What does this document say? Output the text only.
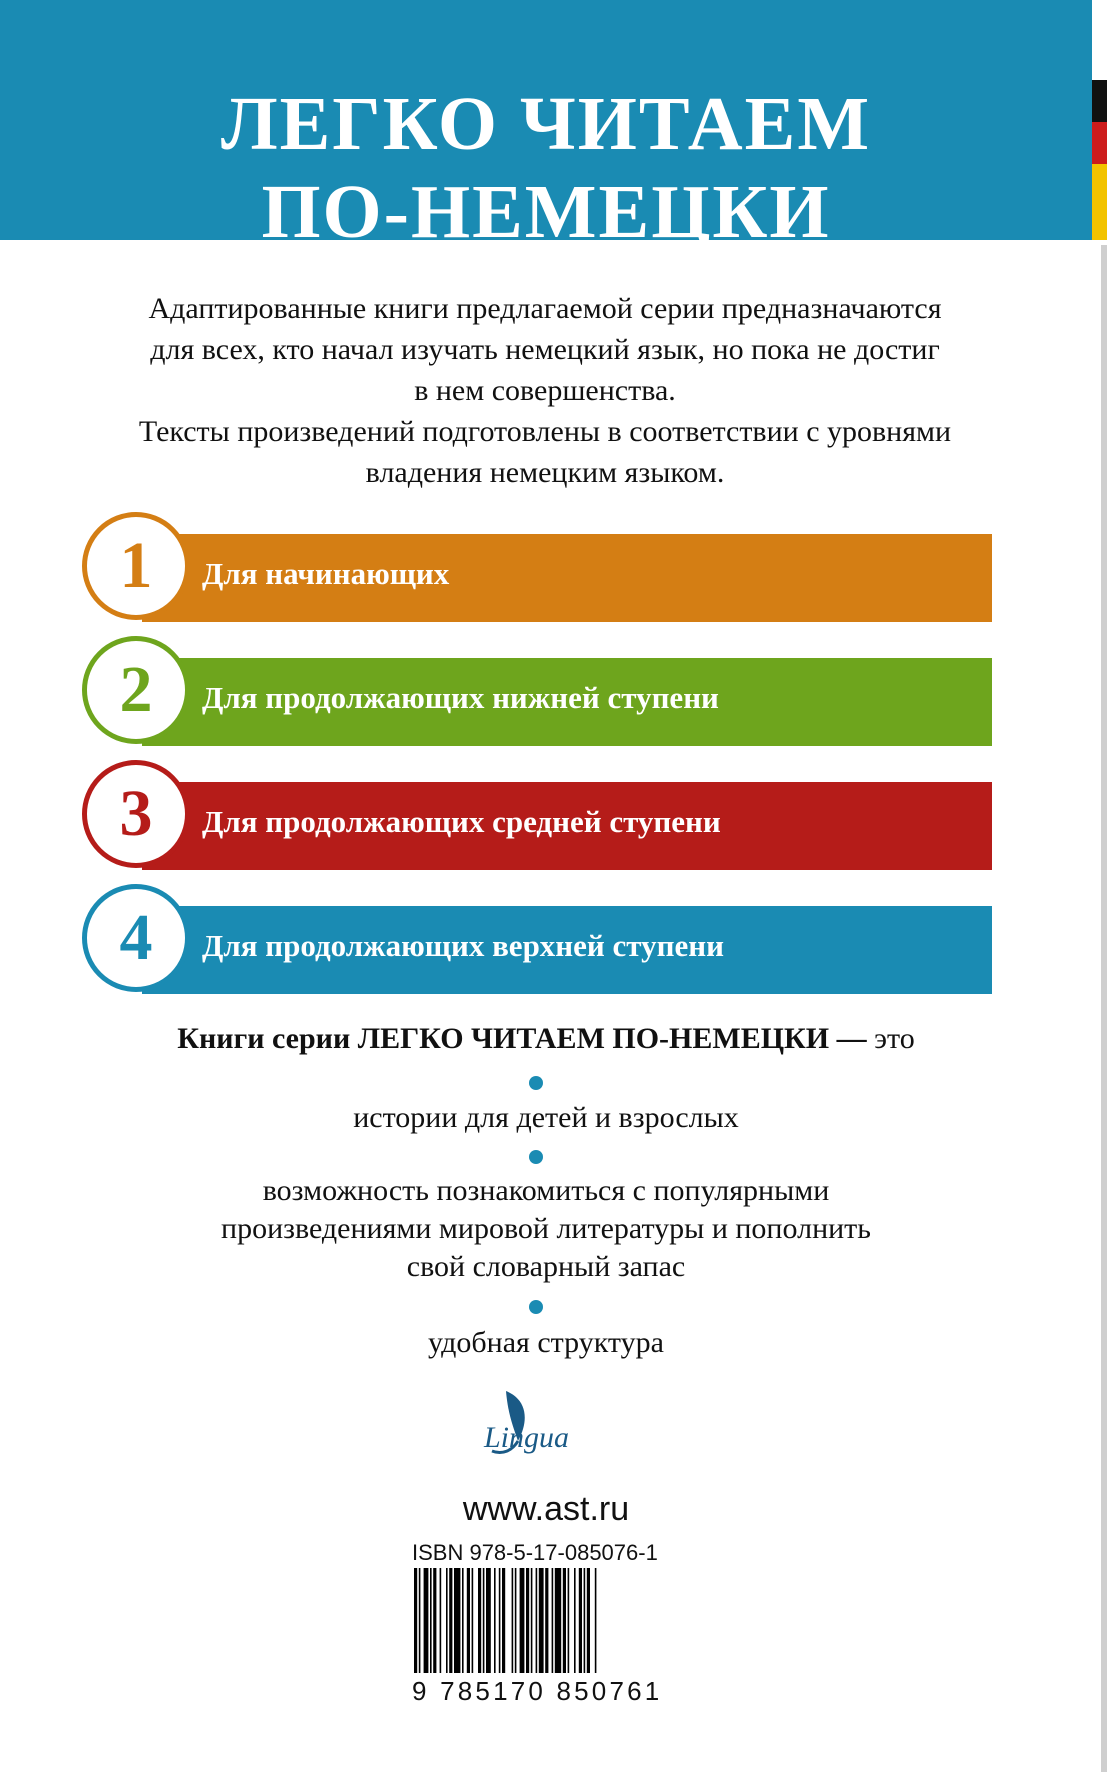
ЛЕГКО ЧИТАЕМ
ПО-НЕМЕЦКИ

Адаптированные книги предлагаемой серии предназначаются

для всех, кто начал изучать немецкий язык, но пока не достиг

в нем совершенства.

Тексты произведений подготовлены в соответствии с уровнями

владения немецким языком.

1 Для начинающих
2 Для продолжающих нижней ступени
3 Для продолжающих средней ступени
4 Для продолжающих верхней ступени
Книги серии ЛЕГКО ЧИТАЕМ ПО-НЕМЕЦКИ — это

истории для детей и взрослых

возможность познакомиться с популярными

произведениями мировой литературы и пополнить

свой словарный запас

удобная структура

Lingua
www.ast.ru
ISBN 978-5-17-085076-1
9 785170 850761
